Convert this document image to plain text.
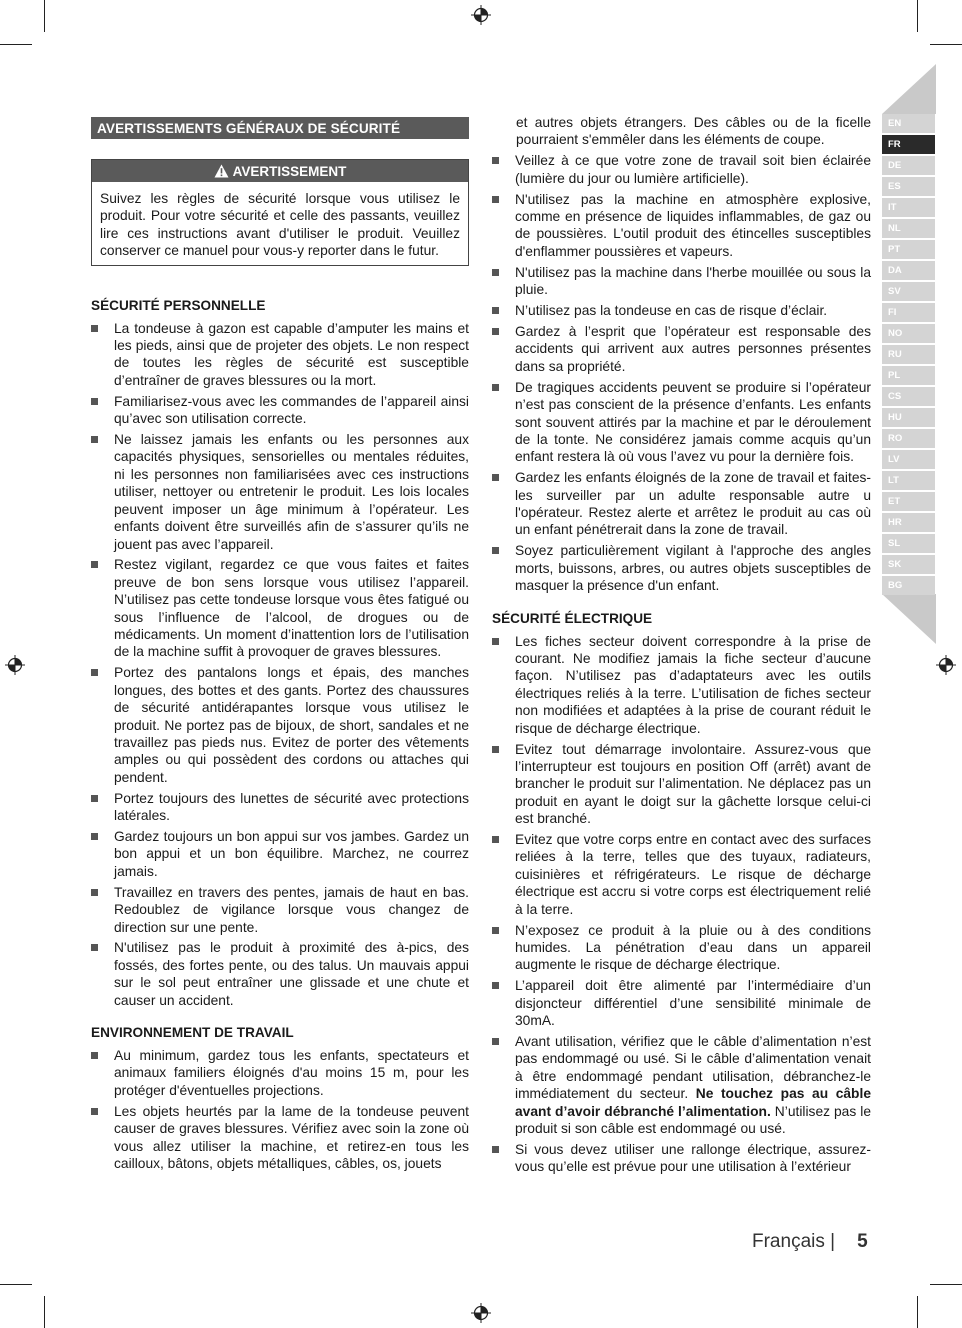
EN
FR
DE
ES
IT
NL
PT
DA
SV
FI
NO
RU
PL
CS
HU
RO
LV
LT
ET
HR
SL
SK
BG
AVERTISSEMENTS GÉNÉRAUX DE SÉCURITÉ
AVERTISSEMENT
Suivez les règles de sécurité lorsque vous utilisez le produit. Pour votre sécurité et celle des passants, veuillez lire ces instructions avant d'utiliser le produit. Veuillez conserver ce manuel pour vous-y reporter dans le futur.
SÉCURITÉ PERSONNELLE
La tondeuse à gazon est capable d’amputer les mains et les pieds, ainsi que de projeter des objets. Le non respect de toutes les règles de sécurité est susceptible d’entraîner de graves blessures ou la mort.
Familiarisez-vous avec les commandes de l’appareil ainsi qu’avec son utilisation correcte.
Ne laissez jamais les enfants ou les personnes aux capacités physiques, sensorielles ou mentales réduites, ni les personnes non familiarisées avec ces instructions utiliser, nettoyer ou entretenir le produit. Les lois locales peuvent imposer un âge minimum à l’opérateur. Les enfants doivent être surveillés afin de s’assurer qu’ils ne jouent pas avec l’appareil.
Restez vigilant, regardez ce que vous faites et faites preuve de bon sens lorsque vous utilisez l’appareil. N’utilisez pas cette tondeuse lorsque vous êtes fatigué ou sous l’influence de l’alcool, de drogues ou de médicaments. Un moment d’inattention lors de l’utilisation de la machine suffit à provoquer de graves blessures.
Portez des pantalons longs et épais, des manches longues, des bottes et des gants. Portez des chaussures de sécurité antidérapantes lorsque vous utilisez le produit. Ne portez pas de bijoux, de short, sandales et ne travaillez pas pieds nus. Evitez de porter des vêtements amples ou qui possèdent des cordons ou attaches qui pendent.
Portez toujours des lunettes de sécurité avec protections latérales.
Gardez toujours un bon appui sur vos jambes. Gardez un bon appui et un bon équilibre. Marchez, ne courrez jamais.
Travaillez en travers des pentes, jamais de haut en bas. Redoublez de vigilance lorsque vous changez de direction sur une pente.
N'utilisez pas le produit à proximité des à-pics, des fossés, des fortes pente, ou des talus. Un mauvais appui sur le sol peut entraîner une glissade et une chute et causer un accident.
ENVIRONNEMENT DE TRAVAIL
Au minimum, gardez tous les enfants, spectateurs et animaux familiers éloignés d'au moins 15 m, pour les protéger d'éventuelles projections.
Les objets heurtés par la lame de la tondeuse peuvent causer de graves blessures. Vérifiez avec soin la zone où vous allez utiliser la machine, et retirez-en tous les cailloux, bâtons, objets métalliques, câbles, os, jouets
et autres objets étrangers. Des câbles ou de la ficelle pourraient s'emmêler dans les éléments de coupe.
Veillez à ce que votre zone de travail soit bien éclairée (lumière du jour ou lumière artificielle).
N'utilisez pas la machine en atmosphère explosive, comme en présence de liquides inflammables, de gaz ou de poussières. L'outil produit des étincelles susceptibles d'enflammer poussières et vapeurs.
N'utilisez pas la machine dans l'herbe mouillée ou sous la pluie.
N’utilisez pas la tondeuse en cas de risque d’éclair.
Gardez à l’esprit que l’opérateur est responsable des accidents qui arrivent aux autres personnes présentes dans sa propriété.
De tragiques accidents peuvent se produire si l’opérateur n’est pas conscient de la présence d’enfants. Les enfants sont souvent attirés par la machine et par le déroulement de la tonte. Ne considérez jamais comme acquis qu’un enfant restera là où vous l’avez vu pour la dernière fois.
Gardez les enfants éloignés de la zone de travail et faites-les surveiller par un adulte responsable autre u l'opérateur. Restez alerte et arrêtez le produit au cas où un enfant pénétrerait dans la zone de travail.
Soyez particulièrement vigilant à l'approche des angles morts, buissons, arbres, ou autres objets susceptibles de masquer la présence d'un enfant.
SÉCURITÉ ÉLECTRIQUE
Les fiches secteur doivent correspondre à la prise de courant. Ne modifiez jamais la fiche secteur d’aucune façon. N’utilisez pas d’adaptateurs avec les outils électriques reliés à la terre. L’utilisation de fiches secteur non modifiées et adaptées à la prise de courant réduit le risque de décharge électrique.
Evitez tout démarrage involontaire. Assurez-vous que l’interrupteur est toujours en position Off (arrêt) avant de brancher le produit sur l’alimentation. Ne déplacez pas un produit en ayant le doigt sur la gâchette lorsque celui-ci est branché.
Evitez que votre corps entre en contact avec des surfaces reliées à la terre, telles que des tuyaux, radiateurs, cuisinières et réfrigérateurs. Le risque de décharge électrique est accru si votre corps est électriquement relié à la terre.
N’exposez ce produit à la pluie ou à des conditions humides. La pénétration d’eau dans un appareil augmente le risque de décharge électrique.
L’appareil doit être alimenté par l’intermédiaire d’un disjoncteur différentiel d’une sensibilité minimale de 30mA.
Avant utilisation, vérifiez que le câble d’alimentation n’est pas endommagé ou usé. Si le câble d’alimentation venait à être endommagé pendant utilisation, débranchez-le immédiatement du secteur. Ne touchez pas au câble avant d’avoir débranché l’alimentation. N’utilisez pas le produit si son câble est endommagé ou usé.
Si vous devez utiliser une rallonge électrique, assurez-vous qu’elle est prévue pour une utilisation à l’extérieur
Français | 5
